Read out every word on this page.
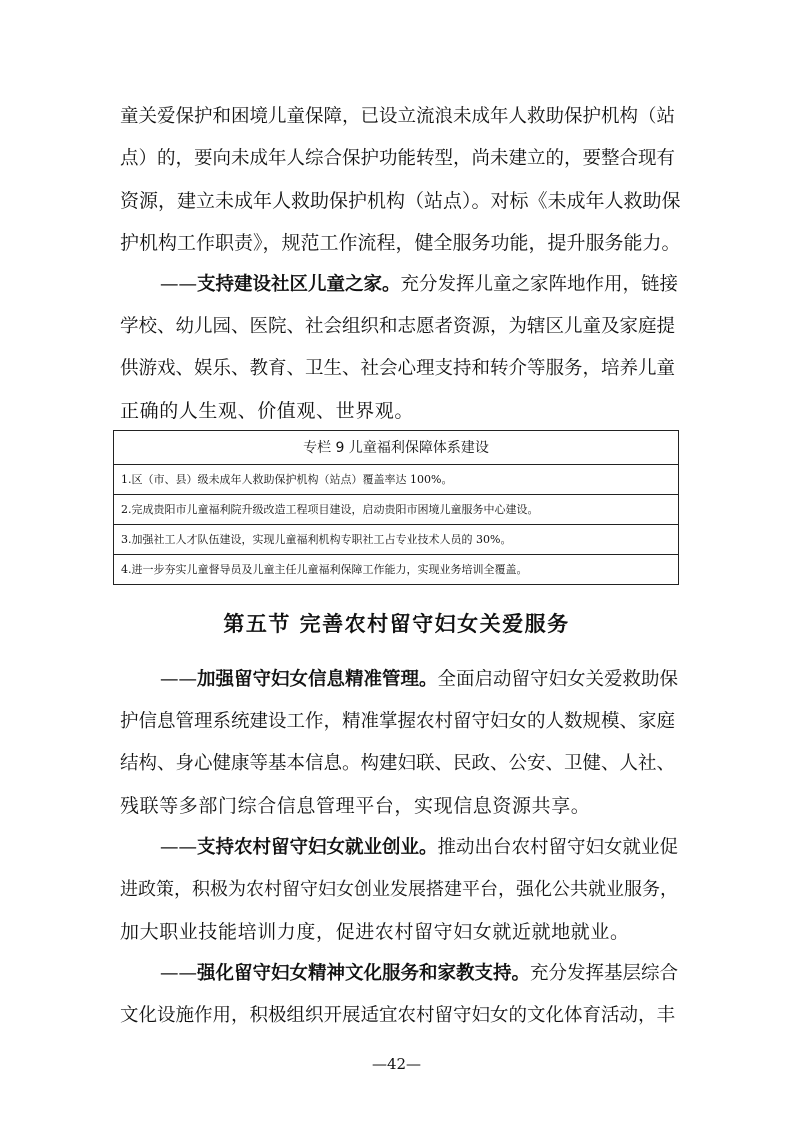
童关爱保护和困境儿童保障，已设立流浪未成年人救助保护机构（站
点）的，要向未成年人综合保护功能转型，尚未建立的，要整合现有
资源，建立未成年人救助保护机构（站点）。对标《未成年人救助保
护机构工作职责》，规范工作流程，健全服务功能，提升服务能力。
——支持建设社区儿童之家。充分发挥儿童之家阵地作用，链接
学校、幼儿园、医院、社会组织和志愿者资源，为辖区儿童及家庭提
供游戏、娱乐、教育、卫生、社会心理支持和转介等服务，培养儿童
正确的人生观、价值观、世界观。
专栏 9 儿童福利保障体系建设
1.区（市、县）级未成年人救助保护机构（站点）覆盖率达 100%。
2.完成贵阳市儿童福利院升级改造工程项目建设，启动贵阳市困境儿童服务中心建设。
3.加强社工人才队伍建设，实现儿童福利机构专职社工占专业技术人员的 30%。
4.进一步夯实儿童督导员及儿童主任儿童福利保障工作能力，实现业务培训全覆盖。
第五节 完善农村留守妇女关爱服务
——加强留守妇女信息精准管理。全面启动留守妇女关爱救助保
护信息管理系统建设工作，精准掌握农村留守妇女的人数规模、家庭
结构、身心健康等基本信息。构建妇联、民政、公安、卫健、人社、
残联等多部门综合信息管理平台，实现信息资源共享。
——支持农村留守妇女就业创业。推动出台农村留守妇女就业促
进政策，积极为农村留守妇女创业发展搭建平台，强化公共就业服务，
加大职业技能培训力度，促进农村留守妇女就近就地就业。
——强化留守妇女精神文化服务和家教支持。充分发挥基层综合
文化设施作用，积极组织开展适宜农村留守妇女的文化体育活动，丰
—42—
